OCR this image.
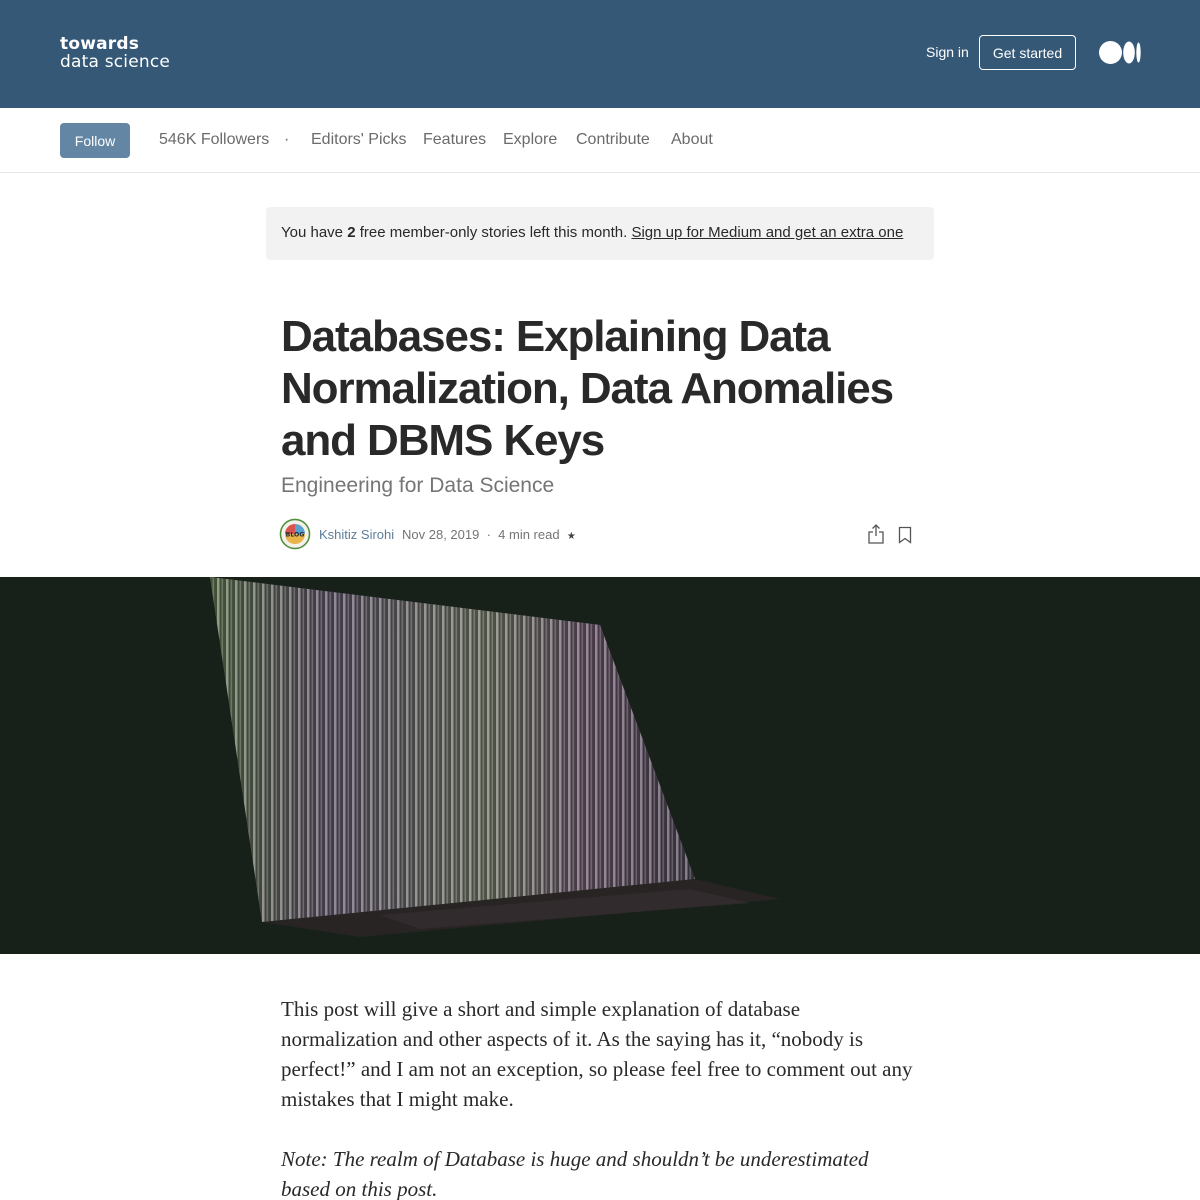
towards
data science	Sign in	Get started
Follow	546K Followers · Editors' Picks Features Explore Contribute About
You have 2 free member-only stories left this month. Sign up for Medium and get an extra one
Databases: Explaining Data Normalization, Data Anomalies and DBMS Keys
Engineering for Data Science
BLOG Kshitiz Sirohi Nov 28, 2019 · 4 min read ★

This post will give a short and simple explanation of database normalization and other aspects of it. As the saying has it, “nobody is perfect!” and I am not an exception, so please feel free to comment out any mistakes that I might make.

Note: The realm of Database is huge and shouldn’t be underestimated based on this post.
